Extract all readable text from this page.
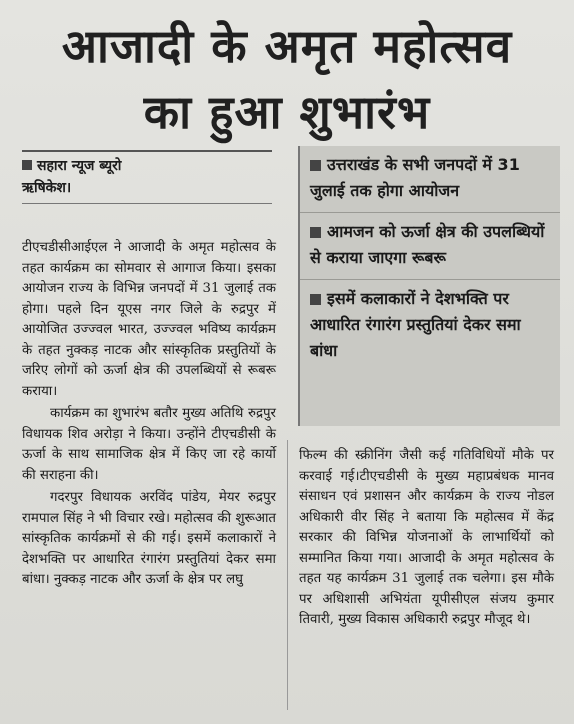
आजादी के अमृत महोत्सव
का हुआ शुभारंभ
सहारा न्यूज ब्यूरो
ऋषिकेश।
उत्तराखंड के सभी जनपदों में 31 जुलाई तक होगा आयोजन
आमजन को ऊर्जा क्षेत्र की उपलब्धियों से कराया जाएगा रूबरू
इसमें कलाकारों ने देशभक्ति पर आधारित रंगारंग प्रस्तुतियां देकर समा बांधा

टीएचडीसीआईएल ने आजादी के अमृत महोत्सव के तहत कार्यक्रम का सोमवार से आगाज किया। इसका आयोजन राज्य के विभिन्न जनपदों में 31 जुलाई तक होगा। पहले दिन यूएस नगर जिले के रुद्रपुर में आयोजित उज्ज्वल भारत, उज्ज्वल भविष्य कार्यक्रम के तहत नुक्कड़ नाटक और सांस्कृतिक प्रस्तुतियों के जरिए लोगों को ऊर्जा क्षेत्र की उपलब्धियों से रूबरू कराया।

कार्यक्रम का शुभारंभ बतौर मुख्य अतिथि रुद्रपुर विधायक शिव अरोड़ा ने किया। उन्होंने टीएचडीसी के ऊर्जा के साथ सामाजिक क्षेत्र में किए जा रहे कार्यो की सराहना की।

गदरपुर विधायक अरविंद पांडेय, मेयर रुद्रपुर रामपाल सिंह ने भी विचार रखे। महोत्सव की शुरूआत सांस्कृतिक कार्यक्रमों से की गई। इसमें कलाकारों ने देशभक्ति पर आधारित रंगारंग प्रस्तुतियां देकर समा बांधा। नुक्कड़ नाटक और ऊर्जा के क्षेत्र पर लघु

फिल्म की स्क्रीनिंग जैसी कई गतिविधियों मौके पर करवाई गई।टीएचडीसी के मुख्य महाप्रबंधक मानव संसाधन एवं प्रशासन और कार्यक्रम के राज्य नोडल अधिकारी वीर सिंह ने बताया कि महोत्सव में केंद्र सरकार की विभिन्न योजनाओं के लाभार्थियों को सम्मानित किया गया। आजादी के अमृत महोत्सव के तहत यह कार्यक्रम 31 जुलाई तक चलेगा। इस मौके पर अधिशासी अभियंता यूपीसीएल संजय कुमार तिवारी, मुख्य विकास अधिकारी रुद्रपुर मौजूद थे।
